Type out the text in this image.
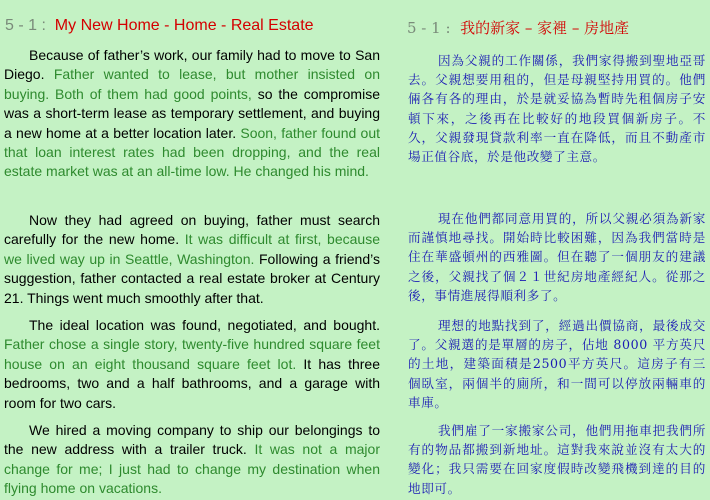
5 - 1 : My New Home - Home - Real Estate

Because of father’s work, our family had to move to San Diego. Father wanted to lease, but mother insisted on buying. Both of them had good points, so the compromise was a short-term lease as temporary settlement, and buying a new home at a better location later. Soon, father found out that loan interest rates had been dropping, and the real estate market was at an all-time low. He changed his mind.

Now they had agreed on buying, father must search carefully for the new home. It was difficult at first, because we lived way up in Seattle, Washington. Following a friend’s suggestion, father contacted a real estate broker at Century 21. Things went much smoothly after that.

The ideal location was found, negotiated, and bought. Father chose a single story, twenty-five hundred square feet house on an eight thousand square feet lot. It has three bedrooms, two and a half bathrooms, and a garage with room for two cars.

We hired a moving company to ship our belongings to the new address with a trailer truck. It was not a major change for me; I just had to change my destination when flying home on vacations.

5 - 1 : 我的新家 – 家裡 – 房地產

因為父親的工作關係，我們家得搬到聖地亞哥去。父親想要用租的，但是母親堅持用買的。他們倆各有各的理由，於是就妥協為暫時先租個房子安頓下來，之後再在比較好的地段買個新房子。不久，父親發現貸款利率一直在降低，而且不動產市場正值谷底，於是他改變了主意。

現在他們都同意用買的，所以父親必須為新家而謹慎地尋找。開始時比較困難，因為我們當時是住在華盛頓州的西雅圖。但在聽了一個朋友的建議之後，父親找了個２１世紀房地產經紀人。從那之後，事情進展得順利多了。

理想的地點找到了，經過出價協商，最後成交了。父親選的是單層的房子，佔地 8000 平方英尺的土地，建築面積是2500平方英尺。這房子有三個臥室，兩個半的廁所，和一間可以停放兩輛車的車庫。

我們雇了一家搬家公司，他們用拖車把我們所有的物品都搬到新地址。這對我來說並沒有太大的變化；我只需要在回家度假時改變飛機到達的目的地即可。
